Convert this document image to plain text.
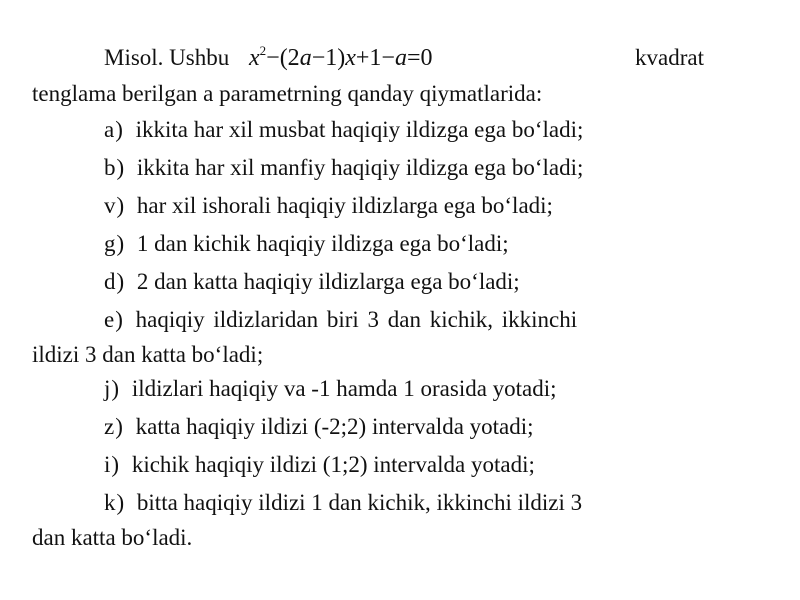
Misol. Ushbu $x^2-(2a-1)x+1-a=0$	kvadrat
tenglama berilgan a parametrning qanday qiymatlarida:
a) ikkita har xil musbat haqiqiy ildizga ega bo‘ladi;
b) ikkita har xil manfiy haqiqiy ildizga ega bo‘ladi;
v) har xil ishorali haqiqiy ildizlarga ega bo‘ladi;
g) 1 dan kichik haqiqiy ildizga ega bo‘ladi;
d) 2 dan katta haqiqiy ildizlarga ega bo‘ladi;
e) haqiqiy ildizlaridan biri 3 dan kichik, ikkinchi
ildizi 3 dan katta bo‘ladi;
j) ildizlari haqiqiy va -1 hamda 1 orasida yotadi;
z) katta haqiqiy ildizi (-2;2) intervalda yotadi;
i) kichik haqiqiy ildizi (1;2) intervalda yotadi;
k) bitta haqiqiy ildizi 1 dan kichik, ikkinchi ildizi 3
dan katta bo‘ladi.
